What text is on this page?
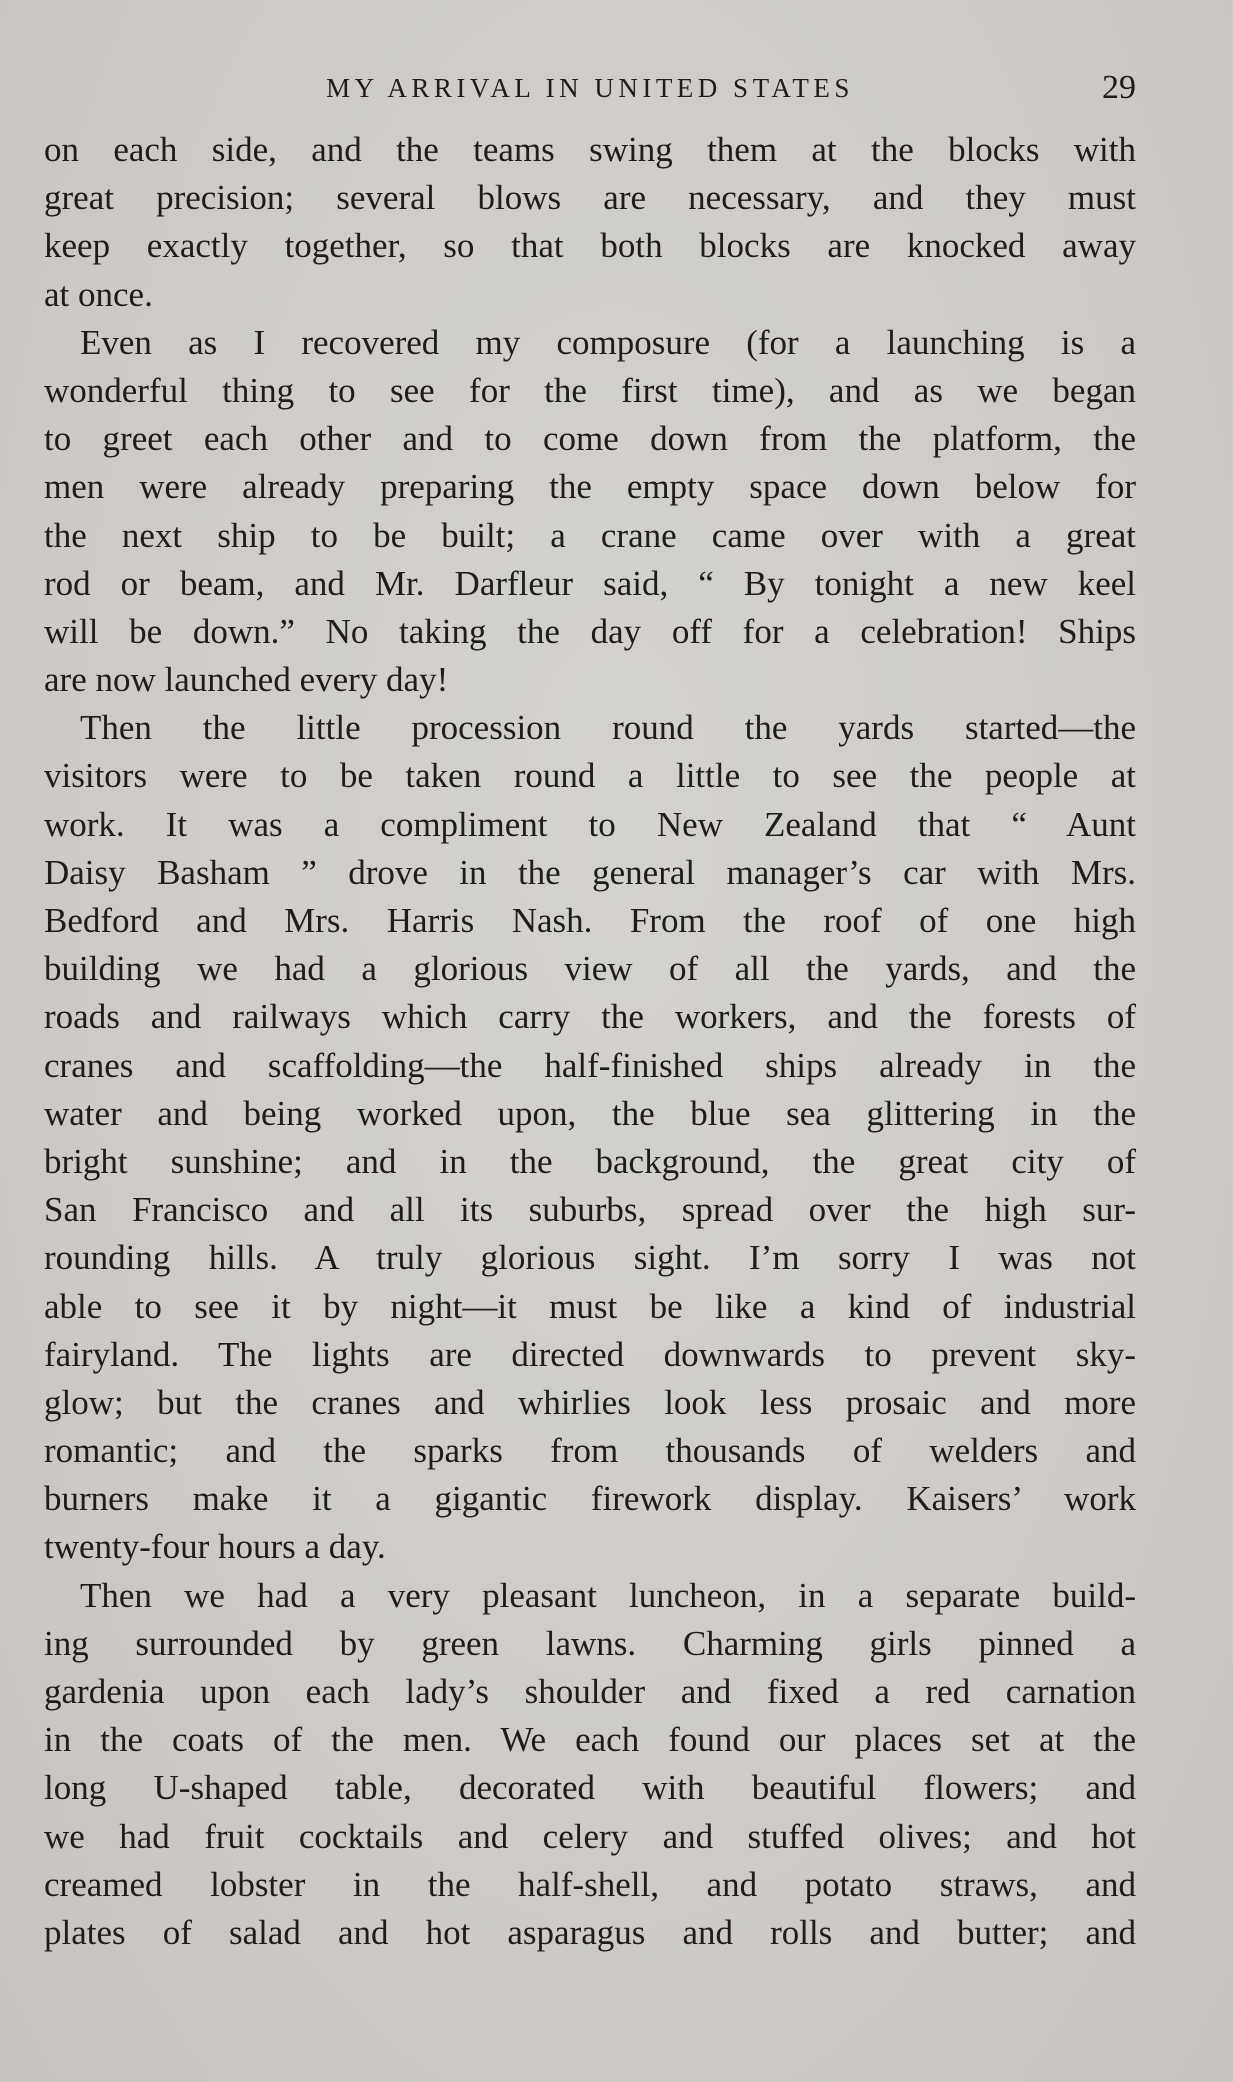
MY ARRIVAL IN UNITED STATES	29
on each side, and the teams swing them at the blocks with
great precision; several blows are necessary, and they must
keep exactly together, so that both blocks are knocked away
at once.
Even as I recovered my composure (for a launching is a
wonderful thing to see for the first time), and as we began
to greet each other and to come down from the platform, the
men were already preparing the empty space down below for
the next ship to be built; a crane came over with a great
rod or beam, and Mr. Darfleur said, “ By tonight a new keel
will be down.” No taking the day off for a celebration! Ships
are now launched every day!
Then the little procession round the yards started—the
visitors were to be taken round a little to see the people at
work. It was a compliment to New Zealand that “ Aunt
Daisy Basham ” drove in the general manager’s car with Mrs.
Bedford and Mrs. Harris Nash. From the roof of one high
building we had a glorious view of all the yards, and the
roads and railways which carry the workers, and the forests of
cranes and scaffolding—the half-finished ships already in the
water and being worked upon, the blue sea glittering in the
bright sunshine; and in the background, the great city of
San Francisco and all its suburbs, spread over the high sur-
rounding hills. A truly glorious sight. I’m sorry I was not
able to see it by night—it must be like a kind of industrial
fairyland. The lights are directed downwards to prevent sky-
glow; but the cranes and whirlies look less prosaic and more
romantic; and the sparks from thousands of welders and
burners make it a gigantic firework display. Kaisers’ work
twenty-four hours a day.
Then we had a very pleasant luncheon, in a separate build-
ing surrounded by green lawns. Charming girls pinned a
gardenia upon each lady’s shoulder and fixed a red carnation
in the coats of the men. We each found our places set at the
long U-shaped table, decorated with beautiful flowers; and
we had fruit cocktails and celery and stuffed olives; and hot
creamed lobster in the half-shell, and potato straws, and
plates of salad and hot asparagus and rolls and butter; and
